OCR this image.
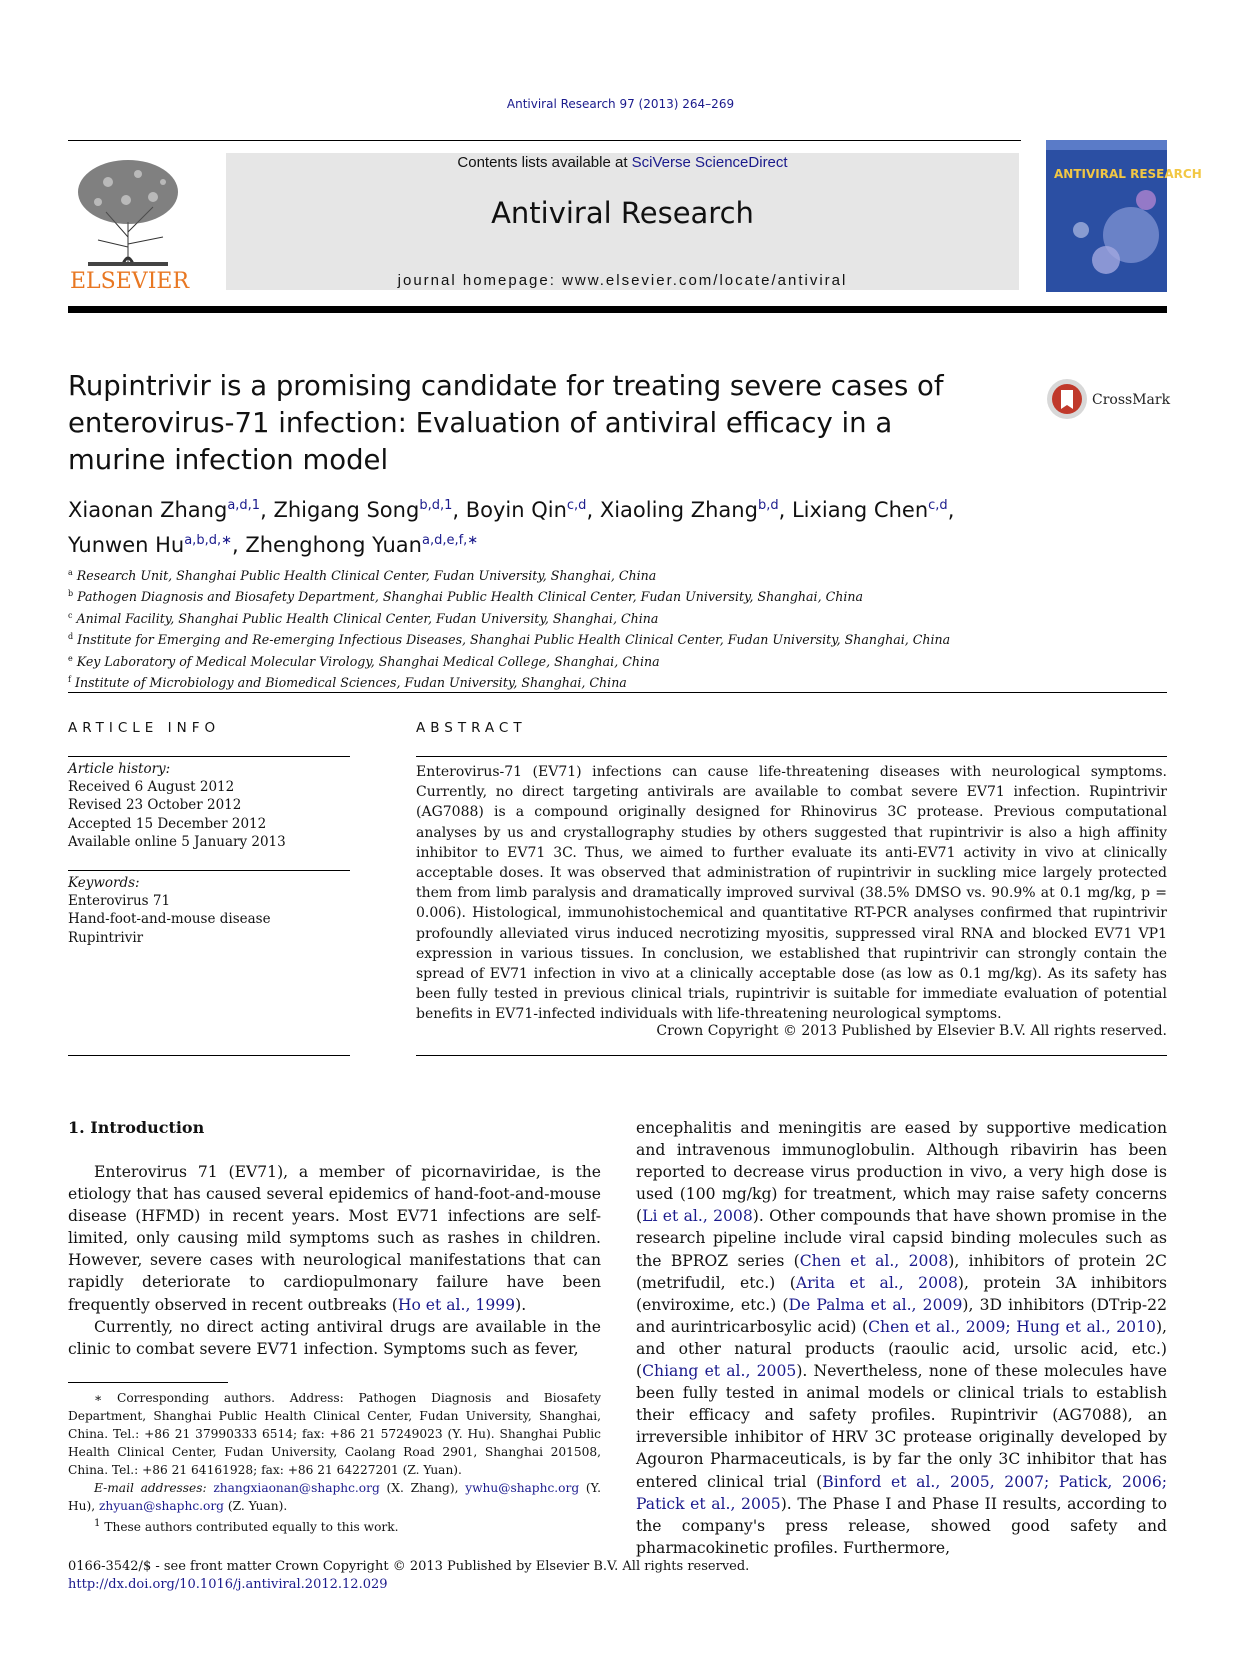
Antiviral Research 97 (2013) 264–269
ELSEVIER
Contents lists available at SciVerse ScienceDirect
Antiviral Research
journal homepage: www.elsevier.com/locate/antiviral
ANTIVIRAL RESEARCH
Rupintrivir is a promising candidate for treating severe cases of enterovirus-71 infection: Evaluation of antiviral efficacy in a murine infection model
CrossMark
Xiaonan Zhang$^{a,d,1}$, Zhigang Song$^{b,d,1}$, Boyin Qin$^{c,d}$, Xiaoling Zhang$^{b,d}$, Lixiang Chen$^{c,d}$,
Yunwen $Hu^{a,b,d,∗}$, Zhenghong Yuan$^{a,d,e,f,∗}$
$^a$ Research Unit, Shanghai Public Health Clinical Center, Fudan University, Shanghai, China
$^b$ Pathogen Diagnosis and Biosafety Department, Shanghai Public Health Clinical Center, Fudan University, Shanghai, China
$^c$ Animal Facility, Shanghai Public Health Clinical Center, Fudan University, Shanghai, China
$^d$ Institute for Emerging and Re-emerging Infectious Diseases, Shanghai Public Health Clinical Center, Fudan University, Shanghai, China
$^e$ Key Laboratory of Medical Molecular Virology, Shanghai Medical College, Shanghai, China
$^f$ Institute of Microbiology and Biomedical Sciences, Fudan University, Shanghai, China
ARTICLE INFO
Article history:
Received 6 August 2012
Revised 23 October 2012
Accepted 15 December 2012
Available online 5 January 2013
Keywords:
Enterovirus 71
Hand-foot-and-mouse disease
Rupintrivir
ABSTRACT
Enterovirus-71 (EV71) infections can cause life-threatening diseases with neurological symptoms. Currently, no direct targeting antivirals are available to combat severe EV71 infection. Rupintrivir (AG7088) is a compound originally designed for Rhinovirus 3C protease. Previous computational analyses by us and crystallography studies by others suggested that rupintrivir is also a high affinity inhibitor to EV71 3C. Thus, we aimed to further evaluate its anti-EV71 activity in vivo at clinically acceptable doses. It was observed that administration of rupintrivir in suckling mice largely protected them from limb paralysis and dramatically improved survival (38.5% DMSO vs. 90.9% at 0.1 mg/kg, p = 0.006). Histological, immunohistochemical and quantitative RT-PCR analyses confirmed that rupintrivir profoundly alleviated virus induced necrotizing myositis, suppressed viral RNA and blocked EV71 VP1 expression in various tissues. In conclusion, we established that rupintrivir can strongly contain the spread of EV71 infection in vivo at a clinically acceptable dose (as low as 0.1 mg/kg). As its safety has been fully tested in previous clinical trials, rupintrivir is suitable for immediate evaluation of potential benefits in EV71-infected individuals with life-threatening neurological symptoms.
Crown Copyright © 2013 Published by Elsevier B.V. All rights reserved.
1. Introduction

Enterovirus 71 (EV71), a member of picornaviridae, is the etiology that has caused several epidemics of hand-foot-and-mouse disease (HFMD) in recent years. Most EV71 infections are self-limited, only causing mild symptoms such as rashes in children. However, severe cases with neurological manifestations that can rapidly deteriorate to cardiopulmonary failure have been frequently observed in recent outbreaks (Ho et al., 1999).

Currently, no direct acting antiviral drugs are available in the clinic to combat severe EV71 infection. Symptoms such as fever,

∗ Corresponding authors. Address: Pathogen Diagnosis and Biosafety Department, Shanghai Public Health Clinical Center, Fudan University, Shanghai, China. Tel.: +86 21 37990333 6514; fax: +86 21 57249023 (Y. Hu). Shanghai Public Health Clinical Center, Fudan University, Caolang Road 2901, Shanghai 201508, China. Tel.: +86 21 64161928; fax: +86 21 64227201 (Z. Yuan).
E-mail addresses: zhangxiaonan@shaphc.org (X. Zhang), ywhu@shaphc.org (Y. Hu), zhyuan@shaphc.org (Z. Yuan).
$^1$ These authors contributed equally to this work.
encephalitis and meningitis are eased by supportive medication and intravenous immunoglobulin. Although ribavirin has been reported to decrease virus production in vivo, a very high dose is used (100 mg/kg) for treatment, which may raise safety concerns (Li et al., 2008). Other compounds that have shown promise in the research pipeline include viral capsid binding molecules such as the BPROZ series (Chen et al., 2008), inhibitors of protein 2C (metrifudil, etc.) (Arita et al., 2008), protein 3A inhibitors (enviroxime, etc.) (De Palma et al., 2009), 3D inhibitors (DTrip-22 and aurintricarbosylic acid) (Chen et al., 2009; Hung et al., 2010), and other natural products (raoulic acid, ursolic acid, etc.) (Chiang et al., 2005). Nevertheless, none of these molecules have been fully tested in animal models or clinical trials to establish their efficacy and safety profiles. Rupintrivir (AG7088), an irreversible inhibitor of HRV 3C protease originally developed by Agouron Pharmaceuticals, is by far the only 3C inhibitor that has entered clinical trial (Binford et al., 2005, 2007; Patick, 2006; Patick et al., 2005). The Phase I and Phase II results, according to the company's press release, showed good safety and pharmacokinetic profiles. Furthermore,
0166-3542/$ - see front matter Crown Copyright © 2013 Published by Elsevier B.V. All rights reserved.
http://dx.doi.org/10.1016/j.antiviral.2012.12.029
